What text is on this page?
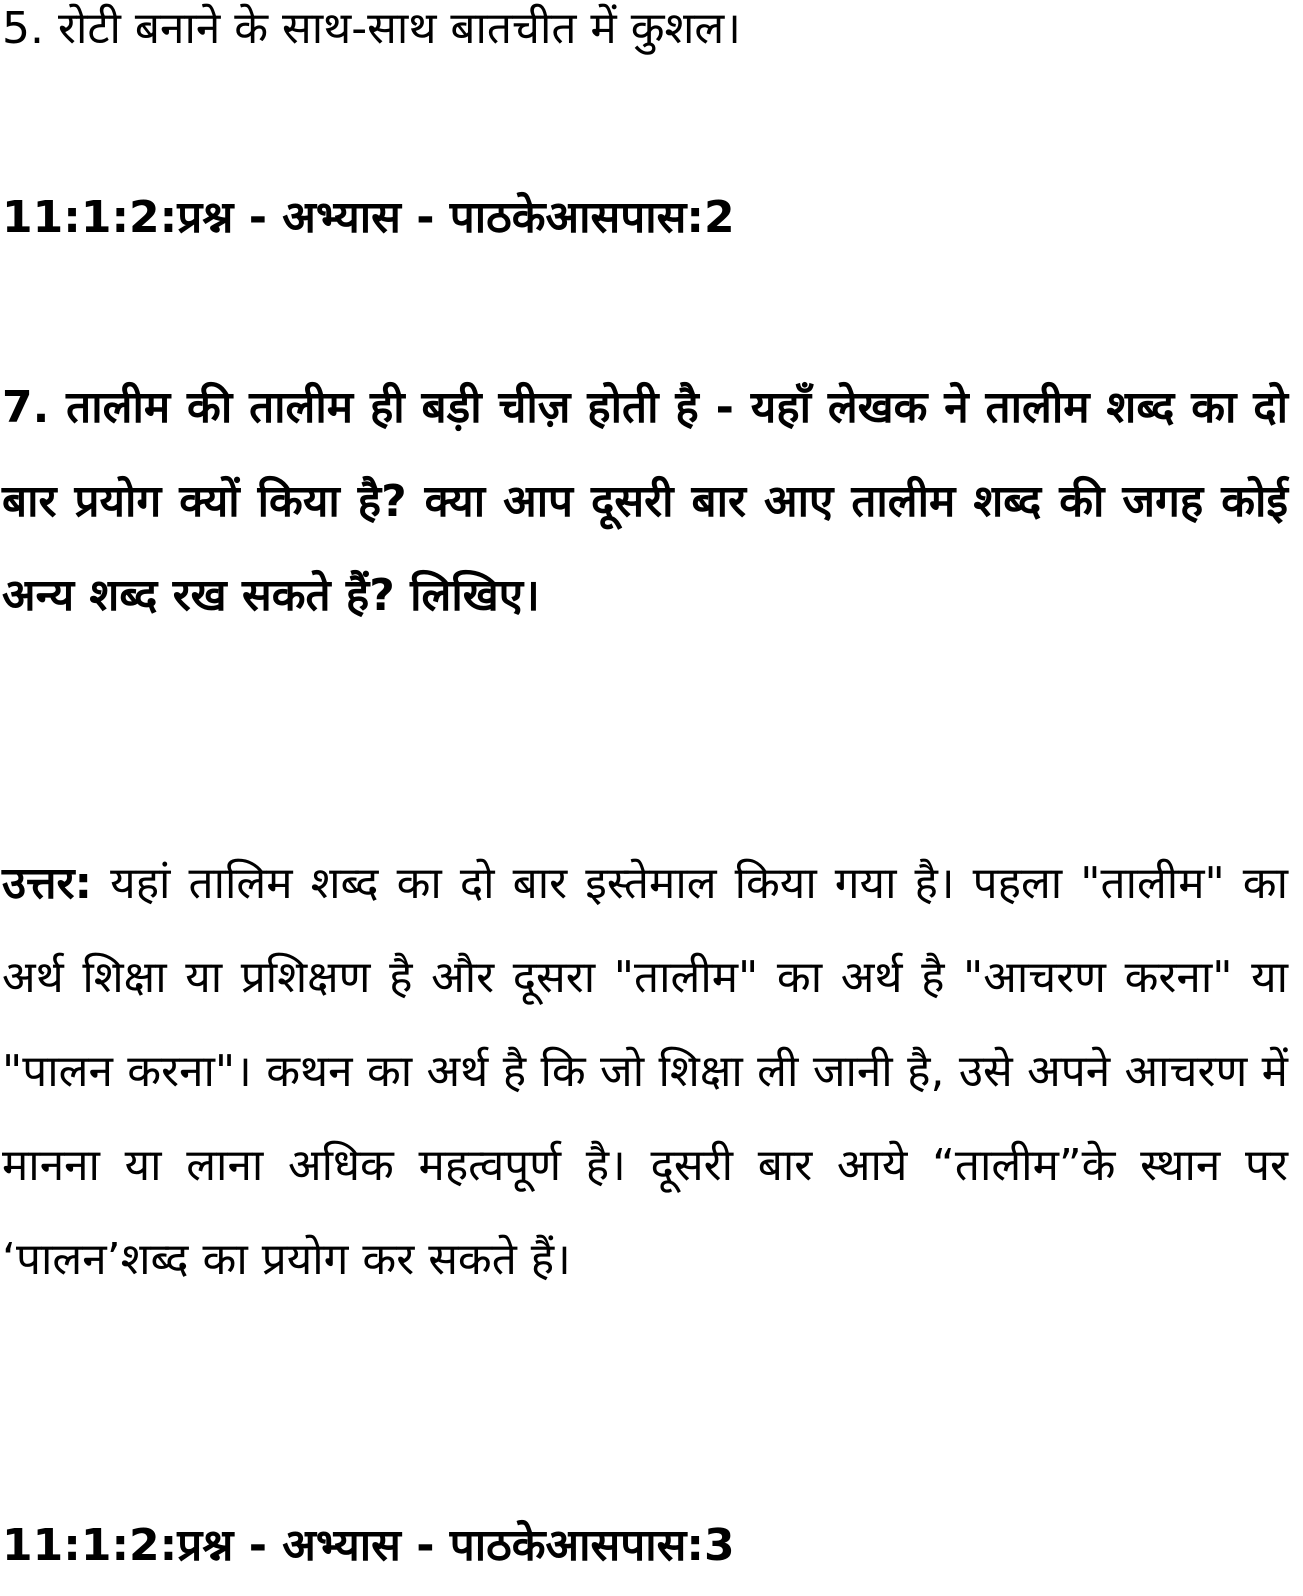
5. रोटी बनाने के साथ-साथ बातचीत में कुशल।
11:1:2:प्रश्न - अभ्यास - पाठकेआसपास:2
7. तालीम की तालीम ही बड़ी चीज़ होती है - यहाँ लेखक ने तालीम शब्द का दो बार प्रयोग क्यों किया है? क्या आप दूसरी बार आए तालीम शब्द की जगह कोई अन्य शब्द रख सकते हैं? लिखिए।
उत्तर: यहां तालिम शब्द का दो बार इस्तेमाल किया गया है। पहला "तालीम" का अर्थ शिक्षा या प्रशिक्षण है और दूसरा "तालीम" का अर्थ है "आचरण करना" या "पालन करना"। कथन का अर्थ है कि जो शिक्षा ली जानी है, उसे अपने आचरण में मानना या लाना अधिक महत्वपूर्ण है। दूसरी बार आये “तालीम”के स्थान पर ‘पालन’शब्द का प्रयोग कर सकते हैं।
11:1:2:प्रश्न - अभ्यास - पाठकेआसपास:3
